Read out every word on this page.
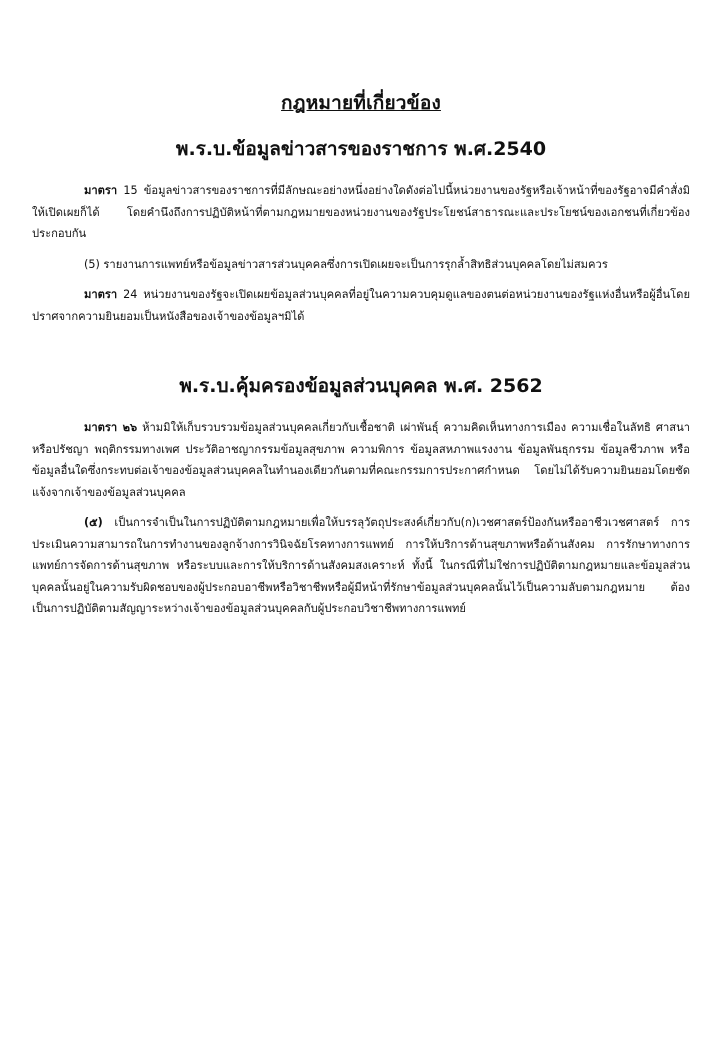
กฎหมายที่เกี่ยวข้อง
พ.ร.บ.ข้อมูลข่าวสารของราชการ พ.ศ.2540

มาตรา 15 ข้อมูลข่าวสารของราชการที่มีลักษณะอย่างหนึ่งอย่างใดดังต่อไปนี้หน่วยงานของรัฐหรือเจ้าหน้าที่ของรัฐอาจมีคำสั่งมิให้เปิดเผยก็ได้ โดยคำนึงถึงการปฏิบัติหน้าที่ตามกฎหมายของหน่วยงานของรัฐประโยชน์สาธารณะและประโยชน์ของเอกชนที่เกี่ยวข้องประกอบกัน

(5) รายงานการแพทย์หรือข้อมูลข่าวสารส่วนบุคคลซึ่งการเปิดเผยจะเป็นการรุกล้ำสิทธิส่วนบุคคลโดยไม่สมควร

มาตรา 24 หน่วยงานของรัฐจะเปิดเผยข้อมูลส่วนบุคคลที่อยู่ในความควบคุมดูแลของตนต่อหน่วยงานของรัฐแห่งอื่นหรือผู้อื่นโดยปราศจากความยินยอมเป็นหนังสือของเจ้าของข้อมูลฯมิได้

พ.ร.บ.คุ้มครองข้อมูลส่วนบุคคล พ.ศ. 2562

มาตรา ๒๖ ห้ามมิให้เก็บรวบรวมข้อมูลส่วนบุคคลเกี่ยวกับเชื้อชาติ เผ่าพันธุ์ ความคิดเห็นทางการเมือง ความเชื่อในลัทธิ ศาสนาหรือปรัชญา พฤติกรรมทางเพศ ประวัติอาชญากรรมข้อมูลสุขภาพ ความพิการ ข้อมูลสหภาพแรงงาน ข้อมูลพันธุกรรม ข้อมูลชีวภาพ หรือข้อมูลอื่นใดซึ่งกระทบต่อเจ้าของข้อมูลส่วนบุคคลในทำนองเดียวกันตามที่คณะกรรมการประกาศกำหนด โดยไม่ได้รับความยินยอมโดยชัดแจ้งจากเจ้าของข้อมูลส่วนบุคคล

(๕) เป็นการจำเป็นในการปฏิบัติตามกฎหมายเพื่อให้บรรลุวัตถุประสงค์เกี่ยวกับ(ก)เวชศาสตร์ป้องกันหรืออาชีวเวชศาสตร์ การประเมินความสามารถในการทำงานของลูกจ้างการวินิจฉัยโรคทางการแพทย์ การให้บริการด้านสุขภาพหรือด้านสังคม การรักษาทางการแพทย์การจัดการด้านสุขภาพ หรือระบบและการให้บริการด้านสังคมสงเคราะห์ ทั้งนี้ ในกรณีที่ไม่ใช่การปฏิบัติตามกฎหมายและข้อมูลส่วนบุคคลนั้นอยู่ในความรับผิดชอบของผู้ประกอบอาชีพหรือวิชาชีพหรือผู้มีหน้าที่รักษาข้อมูลส่วนบุคคลนั้นไว้เป็นความลับตามกฎหมาย ต้องเป็นการปฏิบัติตามสัญญาระหว่างเจ้าของข้อมูลส่วนบุคคลกับผู้ประกอบวิชาชีพทางการแพทย์
